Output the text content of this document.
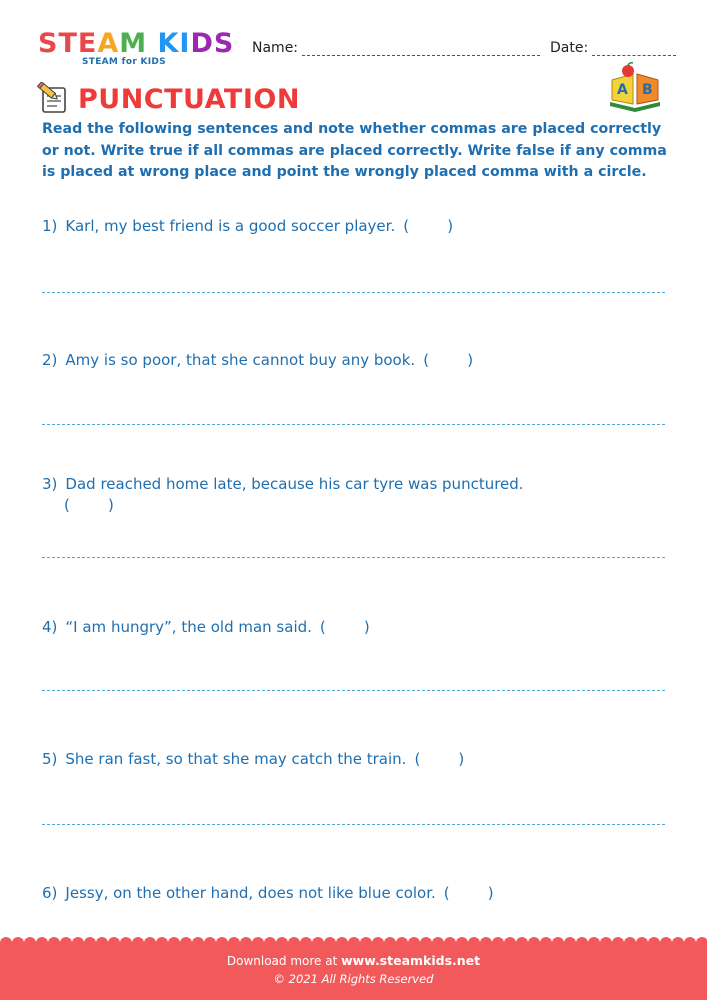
STEAM KIDS
STEAM for KIDS
Name:	Date:
PUNCTUATION	A B
Read the following sentences and note whether commas are placed correctly or not. Write true if all commas are placed correctly. Write false if any comma is placed at wrong place and point the wrongly placed comma with a circle.
1) Karl, my best friend is a good soccer player. (        )
2) Amy is so poor, that she cannot buy any book. (        )
3) Dad reached home late, because his car tyre was punctured.
(        )
4) “I am hungry”, the old man said. (        )
5) She ran fast, so that she may catch the train. (        )
6) Jessy, on the other hand, does not like blue color. (        )
Download more at www.steamkids.net
© 2021 All Rights Reserved
